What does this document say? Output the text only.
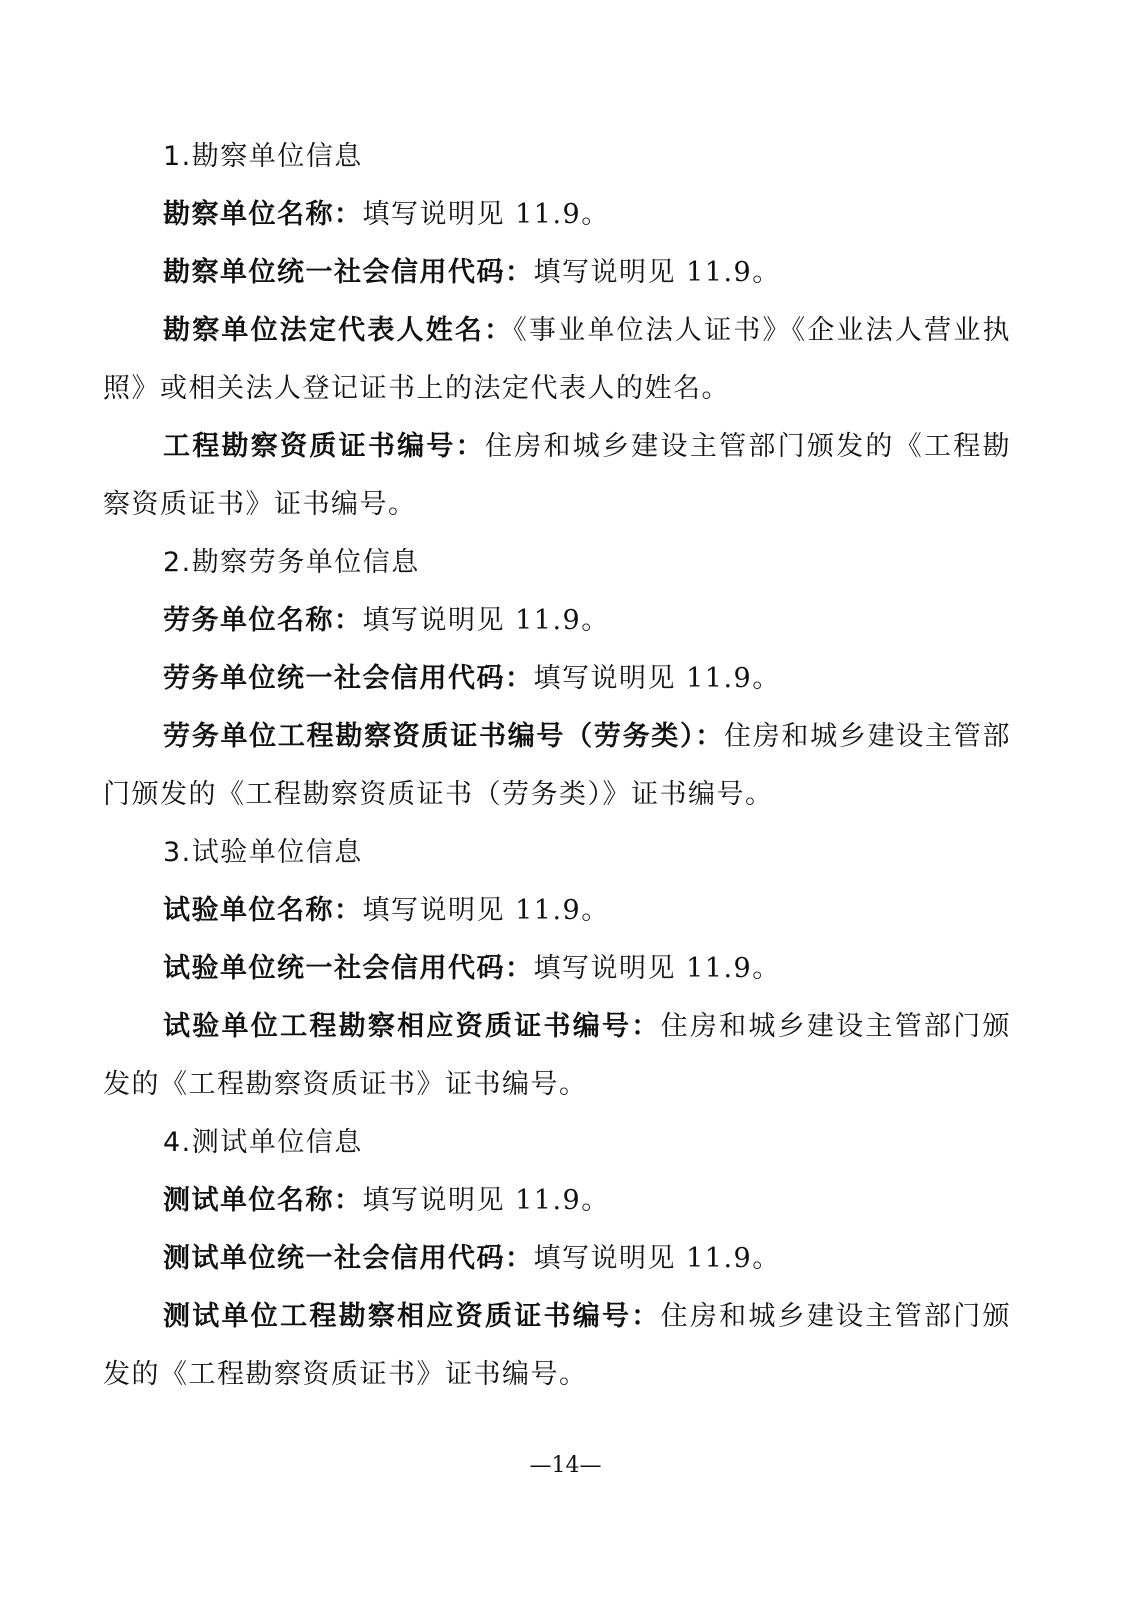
1.勘察单位信息

勘察单位名称：填写说明见 11.9。

勘察单位统一社会信用代码：填写说明见 11.9。

勘察单位法定代表人姓名：《事业单位法人证书》《企业法人营业执照》或相关法人登记证书上的法定代表人的姓名。

工程勘察资质证书编号：住房和城乡建设主管部门颁发的《工程勘察资质证书》证书编号。

2.勘察劳务单位信息

劳务单位名称：填写说明见 11.9。

劳务单位统一社会信用代码：填写说明见 11.9。

劳务单位工程勘察资质证书编号（劳务类）：住房和城乡建设主管部门颁发的《工程勘察资质证书（劳务类）》证书编号。

3.试验单位信息

试验单位名称：填写说明见 11.9。

试验单位统一社会信用代码：填写说明见 11.9。

试验单位工程勘察相应资质证书编号：住房和城乡建设主管部门颁发的《工程勘察资质证书》证书编号。

4.测试单位信息

测试单位名称：填写说明见 11.9。

测试单位统一社会信用代码：填写说明见 11.9。

测试单位工程勘察相应资质证书编号：住房和城乡建设主管部门颁发的《工程勘察资质证书》证书编号。

—14—
